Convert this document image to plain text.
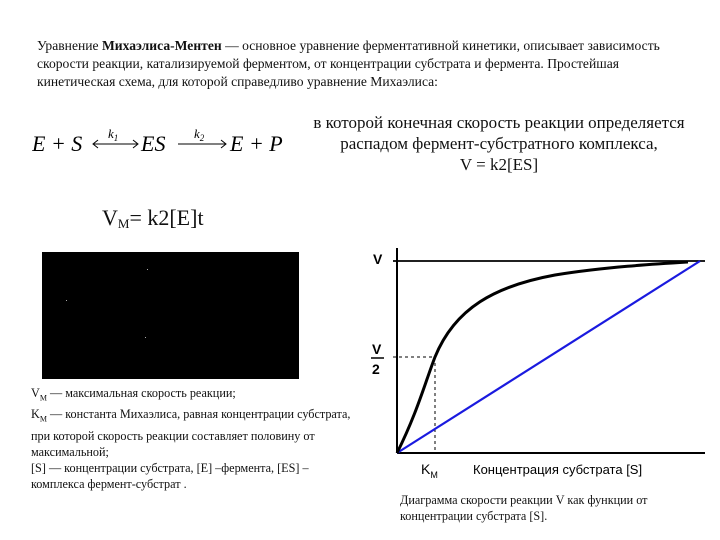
Уравнение Михаэлиса-Ментен — основное уравнение ферментативной кинетики, описывает зависимость скорости реакции, катализируемой ферментом, от концентрации субстрата и фермента. Простейшая кинетическая схема, для которой справедливо уравнение Михаэлиса:
E + S $k_1$ ES $k_2$ E + P
в которой конечная скорость реакции определяется
распадом фермент-субстратного комплекса,
V = k2[ES]
$V_M= k2[E]t$

$V_M$ — максимальная скорость реакции;

$K_M$ — константа Михаэлиса, равная концентрации субстрата, при которой скорость реакции составляет половину от максимальной;

[S] — концентрации субстрата, [E] –фермента, [ES] – комплекса фермент-субстрат .

V
V
2
$K_M$	Концентрация субстрата [S]
Диаграмма скорости реакции V как функции от концентрации субстрата [S].
